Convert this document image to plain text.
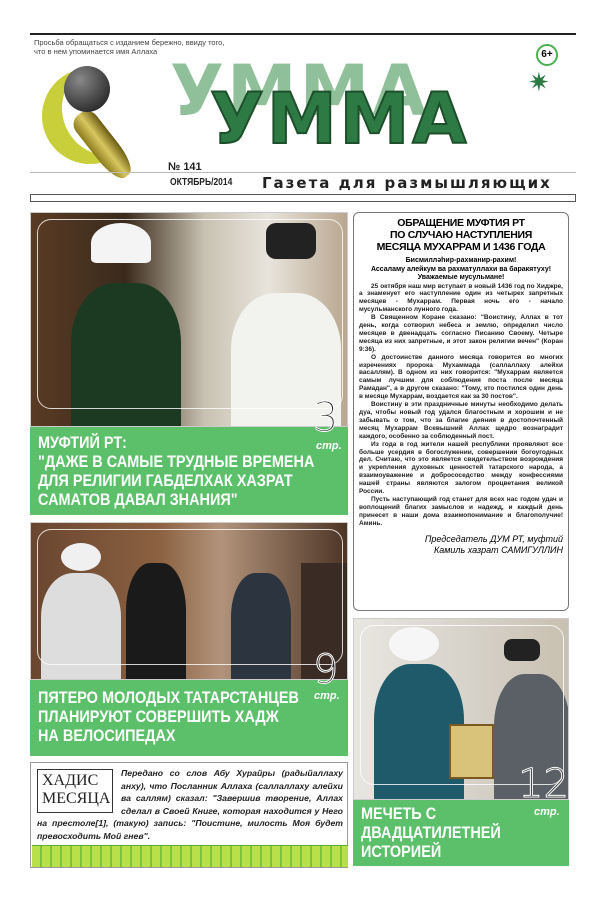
Просьба обращаться с изданием бережно, ввиду того, что в нем упоминается имя Аллаха
УММА
6+
✷
№ 141
ОКТЯБРЬ/2014 Газета для размышляющих
МУФТИЙ РТ:
"ДАЖЕ В САМЫЕ ТРУДНЫЕ ВРЕМЕНА
ДЛЯ РЕЛИГИИ ГАБДЕЛХАК ХАЗРАТ
САМАТОВ ДАВАЛ ЗНАНИЯ"
3
стр.
ПЯТЕРО МОЛОДЫХ ТАТАРСТАНЦЕВ
ПЛАНИРУЮТ СОВЕРШИТЬ ХАДЖ
НА ВЕЛОСИПЕДАХ
9
стр.
ХАДИС
МЕСЯЦА
Передано со слов Абу Хурайры (радыйаллаху анху), что Посланник Аллаха (саллаллаху алейхи ва саллям) сказал: "Завершив творение, Аллах сделал в Своей Книге, которая находится у Него на престоле[1], (такую) запись: "Поистине, милость Моя будет превосходить Мой гнев".
ОБРАЩЕНИЕ МУФТИЯ РТ
ПО СЛУЧАЮ НАСТУПЛЕНИЯ
МЕСЯЦА МУХАРРАМ И 1436 ГОДА
Бисмилләһир-рахманир-рахим!
Ассаламу алейкум ва рахматуллахи ва баракятуху!
Уважаемые мусульмане!

25 октября наш мир вступает в новый 1436 год по Хиджре, а знаменует его наступление один из четырех запретных месяцев - Мухаррам. Первая ночь его - начало мусульманского лунного года.

В Священном Коране сказано: "Воистину, Аллах в тот день, когда сотворил небеса и землю, определил число месяцев в двенадцать согласно Писанию Своему. Четыре месяца из них запретные, и этот закон религии вечен" (Коран 9:36).

О достоинстве данного месяца говорится во многих изречениях пророка Мухаммада (саллаллаху алейхи васаллям). В одном из них говорится: "Мухаррам является самым лучшим для соблюдения поста после месяца Рамадан", а в другом сказано: "Тому, кто постился один день в месяце Мухаррам, воздается как за 30 постов".

Воистину в эти праздничные минуты необходимо делать дуа, чтобы новый год удался благостным и хорошим и не забывать о том, что за благие деяния в достопочтенный месяц Мухаррам Всевышний Аллах щедро вознаградит каждого, особенно за соблюденный пост.

Из года в год жители нашей республики проявляют все больше усердия в богослужении, совершении богоугодных дел. Считаю, что это является свидетельством возрождения и укрепления духовных ценностей татарского народа, а взаимоуважение и добрососедство между конфессиями нашей страны являются залогом процветания великой России.

Пусть наступающий год станет для всех нас годом удач и воплощений благих замыслов и надежд, и каждый день принесет в наши дома взаимопонимание и благополучие! Аминь.

Председатель ДУМ РТ, муфтий
Камиль хазрат САМИГУЛЛИН
МЕЧЕТЬ С
ДВАДЦАТИЛЕТНЕЙ
ИСТОРИЕЙ
12
стр.
